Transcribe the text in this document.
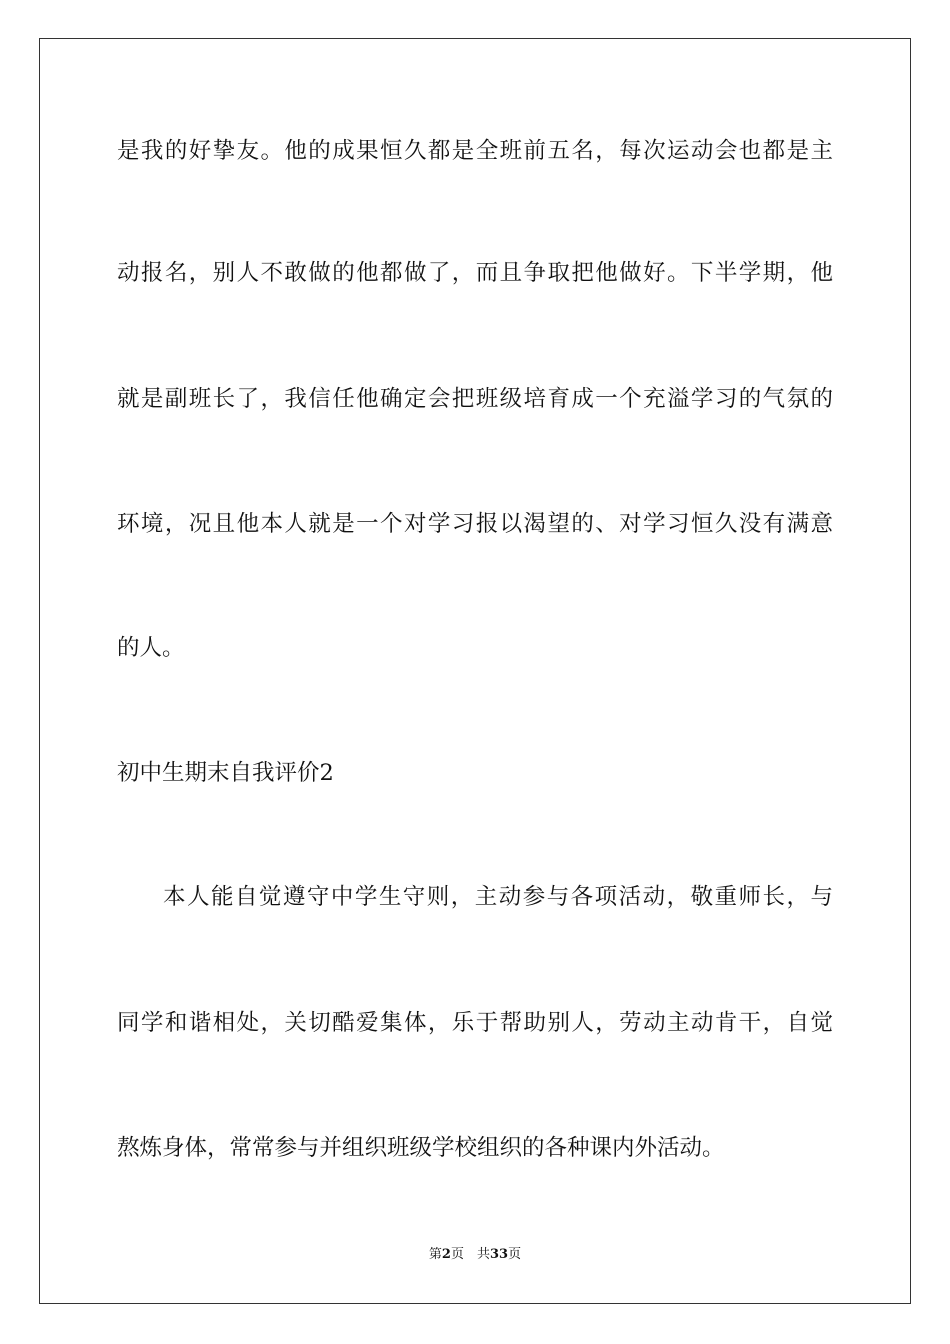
是我的好挚友。他的成果恒久都是全班前五名，每次运动会也都是主
动报名，别人不敢做的他都做了，而且争取把他做好。下半学期，他
就是副班长了，我信任他确定会把班级培育成一个充溢学习的气氛的
环境，况且他本人就是一个对学习报以渴望的、对学习恒久没有满意
的人。
初中生期末自我评价2
本人能自觉遵守中学生守则，主动参与各项活动，敬重师长，与
同学和谐相处，关切酷爱集体，乐于帮助别人，劳动主动肯干，自觉
熬炼身体，常常参与并组织班级学校组织的各种课内外活动。
第2页　共33页
